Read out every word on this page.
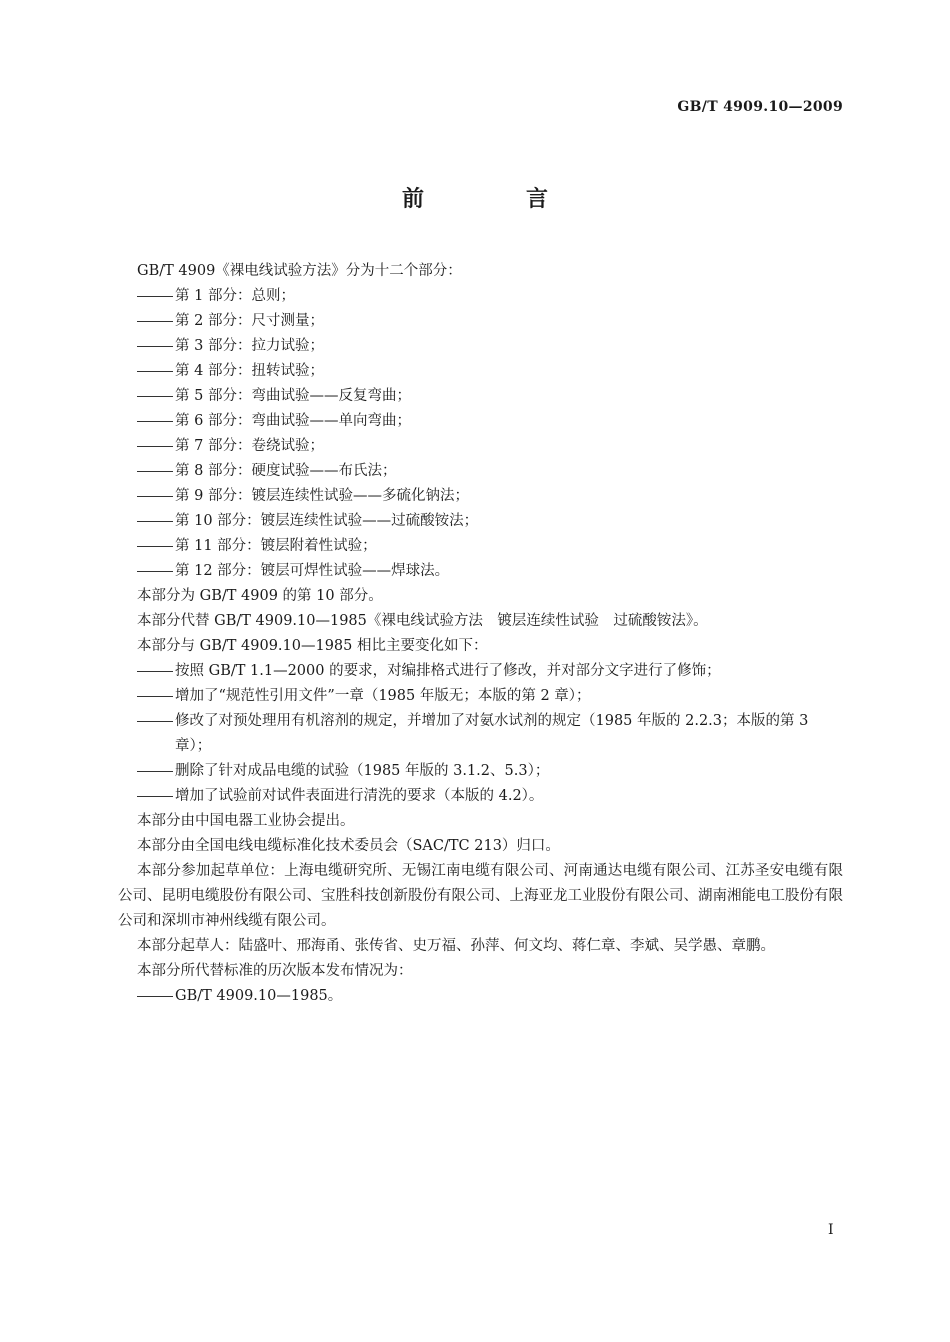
GB/T 4909.10—2009
前　言

GB/T 4909《裸电线试验方法》分为十二个部分：

第 1 部分：总则；

第 2 部分：尺寸测量；

第 3 部分：拉力试验；

第 4 部分：扭转试验；

第 5 部分：弯曲试验——反复弯曲；

第 6 部分：弯曲试验——单向弯曲；

第 7 部分：卷绕试验；

第 8 部分：硬度试验——布氏法；

第 9 部分：镀层连续性试验——多硫化钠法；

第 10 部分：镀层连续性试验——过硫酸铵法；

第 11 部分：镀层附着性试验；

第 12 部分：镀层可焊性试验——焊球法。

本部分为 GB/T 4909 的第 10 部分。

本部分代替 GB/T 4909.10—1985《裸电线试验方法　镀层连续性试验　过硫酸铵法》。

本部分与 GB/T 4909.10—1985 相比主要变化如下：

按照 GB/T 1.1—2000 的要求，对编排格式进行了修改，并对部分文字进行了修饰；

增加了“规范性引用文件”一章（1985 年版无；本版的第 2 章）；

修改了对预处理用有机溶剂的规定，并增加了对氨水试剂的规定（1985 年版的 2.2.3；本版的第 3 章）；

删除了针对成品电缆的试验（1985 年版的 3.1.2、5.3）；

增加了试验前对试件表面进行清洗的要求（本版的 4.2）。

本部分由中国电器工业协会提出。

本部分由全国电线电缆标准化技术委员会（SAC/TC 213）归口。

本部分参加起草单位：上海电缆研究所、无锡江南电缆有限公司、河南通达电缆有限公司、江苏圣安电缆有限公司、昆明电缆股份有限公司、宝胜科技创新股份有限公司、上海亚龙工业股份有限公司、湖南湘能电工股份有限公司和深圳市神州线缆有限公司。

本部分起草人：陆盛叶、邢海甬、张传省、史万福、孙萍、何文均、蒋仁章、李斌、吴学愚、章鹏。

本部分所代替标准的历次版本发布情况为：

GB/T 4909.10—1985。

I
